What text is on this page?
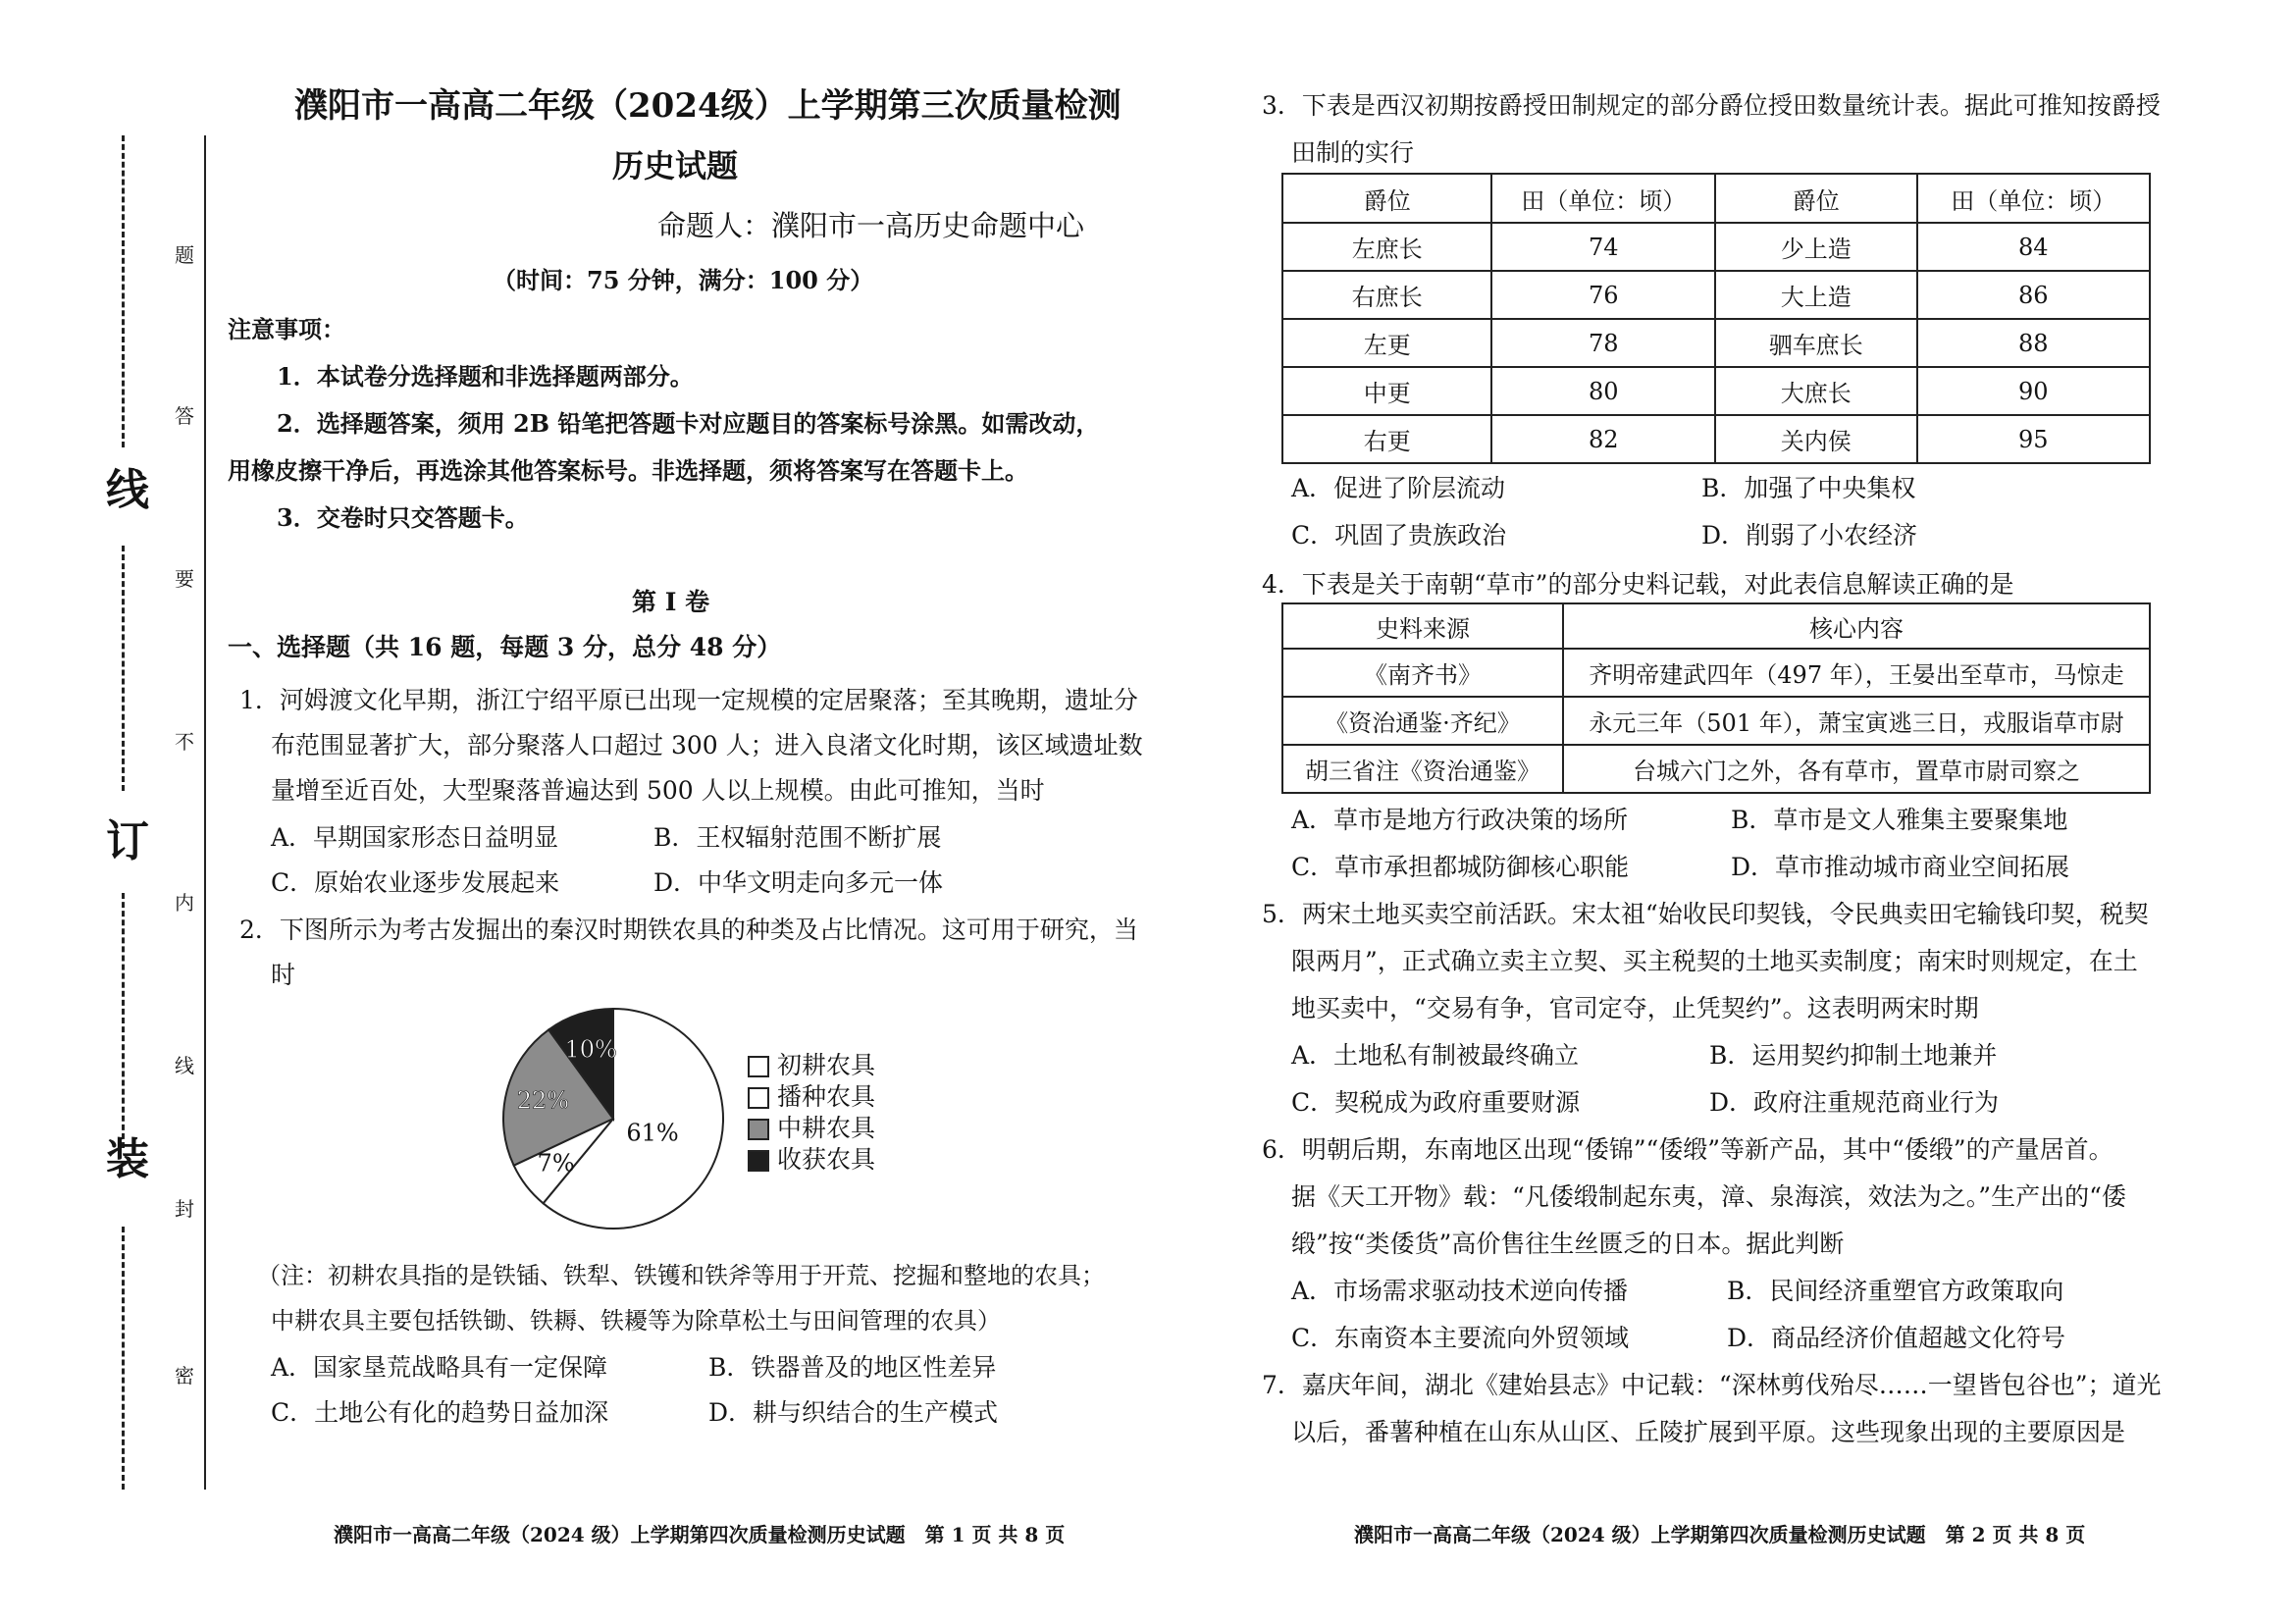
装
订
线
密
封
线
内
不
要
答
题
濮阳市一高高二年级（2024级）上学期第三次质量检测
历史试题
命题人：濮阳市一高历史命题中心
（时间：75 分钟，满分：100 分）
注意事项：
1．本试卷分选择题和非选择题两部分。
2．选择题答案，须用 2B 铅笔把答题卡对应题目的答案标号涂黑。如需改动，
用橡皮擦干净后，再选涂其他答案标号。非选择题，须将答案写在答题卡上。
3．交卷时只交答题卡。
第 I 卷
一、选择题（共 16 题，每题 3 分，总分 48 分）
1．河姆渡文化早期，浙江宁绍平原已出现一定规模的定居聚落；至其晚期，遗址分
布范围显著扩大，部分聚落人口超过 300 人；进入良渚文化时期，该区域遗址数
量增至近百处，大型聚落普遍达到 500 人以上规模。由此可推知，当时
A．早期国家形态日益明显	B．王权辐射范围不断扩展
C．原始农业逐步发展起来	D．中华文明走向多元一体
2．下图所示为考古发掘出的秦汉时期铁农具的种类及占比情况。这可用于研究，当
时
61%
7%
22%
10%
初耕农具
播种农具
中耕农具
收获农具
（注：初耕农具指的是铁锸、铁犁、铁镬和铁斧等用于开荒、挖掘和整地的农具；
中耕农具主要包括铁锄、铁耨、铁耰等为除草松土与田间管理的农具）
A．国家垦荒战略具有一定保障	B．铁器普及的地区性差异
C．土地公有化的趋势日益加深	D．耕与织结合的生产模式
濮阳市一高高二年级（2024 级）上学期第四次质量检测历史试题　第 1 页 共 8 页
3．下表是西汉初期按爵授田制规定的部分爵位授田数量统计表。据此可推知按爵授
田制的实行
爵位	田（单位：顷）	爵位	田（单位：顷）
左庶长	74	少上造	84
右庶长	76	大上造	86
左更	78	驷车庶长	88
中更	80	大庶长	90
右更	82	关内侯	95
A．促进了阶层流动	B．加强了中央集权
C．巩固了贵族政治	D．削弱了小农经济
4．下表是关于南朝“草市”的部分史料记载，对此表信息解读正确的是
史料来源	核心内容
《南齐书》	齐明帝建武四年（497 年），王晏出至草市，马惊走
《资治通鉴·齐纪》	永元三年（501 年），萧宝寅逃三日，戎服诣草市尉
胡三省注《资治通鉴》	台城六门之外，各有草市，置草市尉司察之
A．草市是地方行政决策的场所	B．草市是文人雅集主要聚集地
C．草市承担都城防御核心职能	D．草市推动城市商业空间拓展
5．两宋土地买卖空前活跃。宋太祖“始收民印契钱，令民典卖田宅输钱印契，税契
限两月”，正式确立卖主立契、买主税契的土地买卖制度；南宋时则规定，在土
地买卖中，“交易有争，官司定夺，止凭契约”。这表明两宋时期
A．土地私有制被最终确立	B．运用契约抑制土地兼并
C．契税成为政府重要财源	D．政府注重规范商业行为
6．明朝后期，东南地区出现“倭锦”“倭缎”等新产品，其中“倭缎”的产量居首。
据《天工开物》载：“凡倭缎制起东夷，漳、泉海滨，效法为之。”生产出的“倭
缎”按“类倭货”高价售往生丝匮乏的日本。据此判断
A．市场需求驱动技术逆向传播	B．民间经济重塑官方政策取向
C．东南资本主要流向外贸领域	D．商品经济价值超越文化符号
7．嘉庆年间，湖北《建始县志》中记载：“深林剪伐殆尽……一望皆包谷也”；道光
以后，番薯种植在山东从山区、丘陵扩展到平原。这些现象出现的主要原因是
濮阳市一高高二年级（2024 级）上学期第四次质量检测历史试题　第 2 页 共 8 页
